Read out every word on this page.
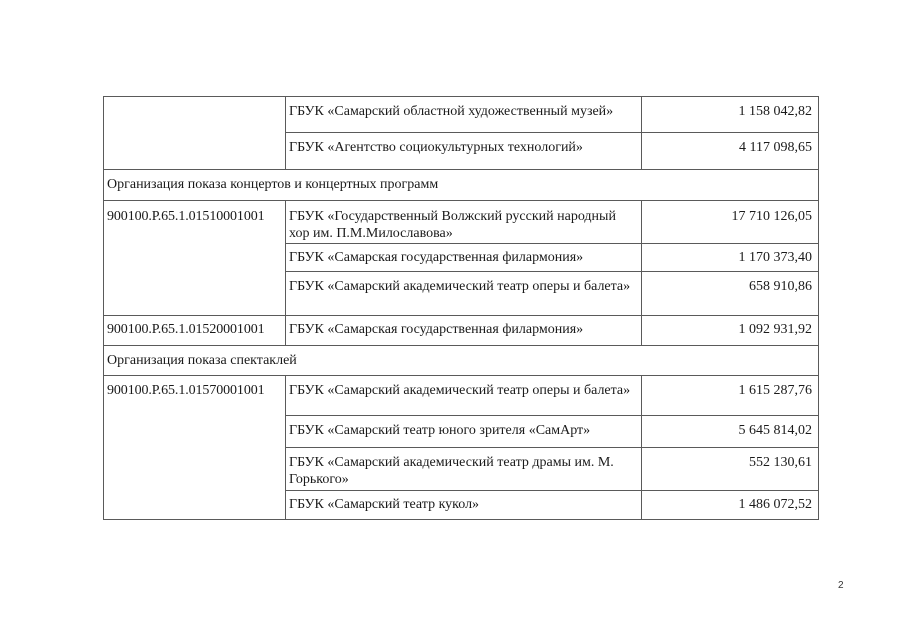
	ГБУК «Самарский областной художественный музей»	1 158 042,82
	ГБУК «Агентство социокультурных технологий»	4 117 098,65
Организация показа концертов и концертных программ		
900100.Р.65.1.01510001001	ГБУК «Государственный Волжский русский народный хор им. П.М.Милославова»	17 710 126,05
	ГБУК «Самарская государственная филармония»	1 170 373,40
	ГБУК «Самарский академический театр оперы и балета»	658 910,86
900100.Р.65.1.01520001001	ГБУК «Самарская государственная филармония»	1 092 931,92
Организация показа спектаклей		
900100.Р.65.1.01570001001	ГБУК «Самарский академический театр оперы и балета»	1 615 287,76
	ГБУК «Самарский театр юного зрителя «СамАрт»	5 645 814,02
	ГБУК «Самарский академический театр драмы им. М. Горького»	552 130,61
	ГБУК «Самарский театр кукол»	1 486 072,52
2
